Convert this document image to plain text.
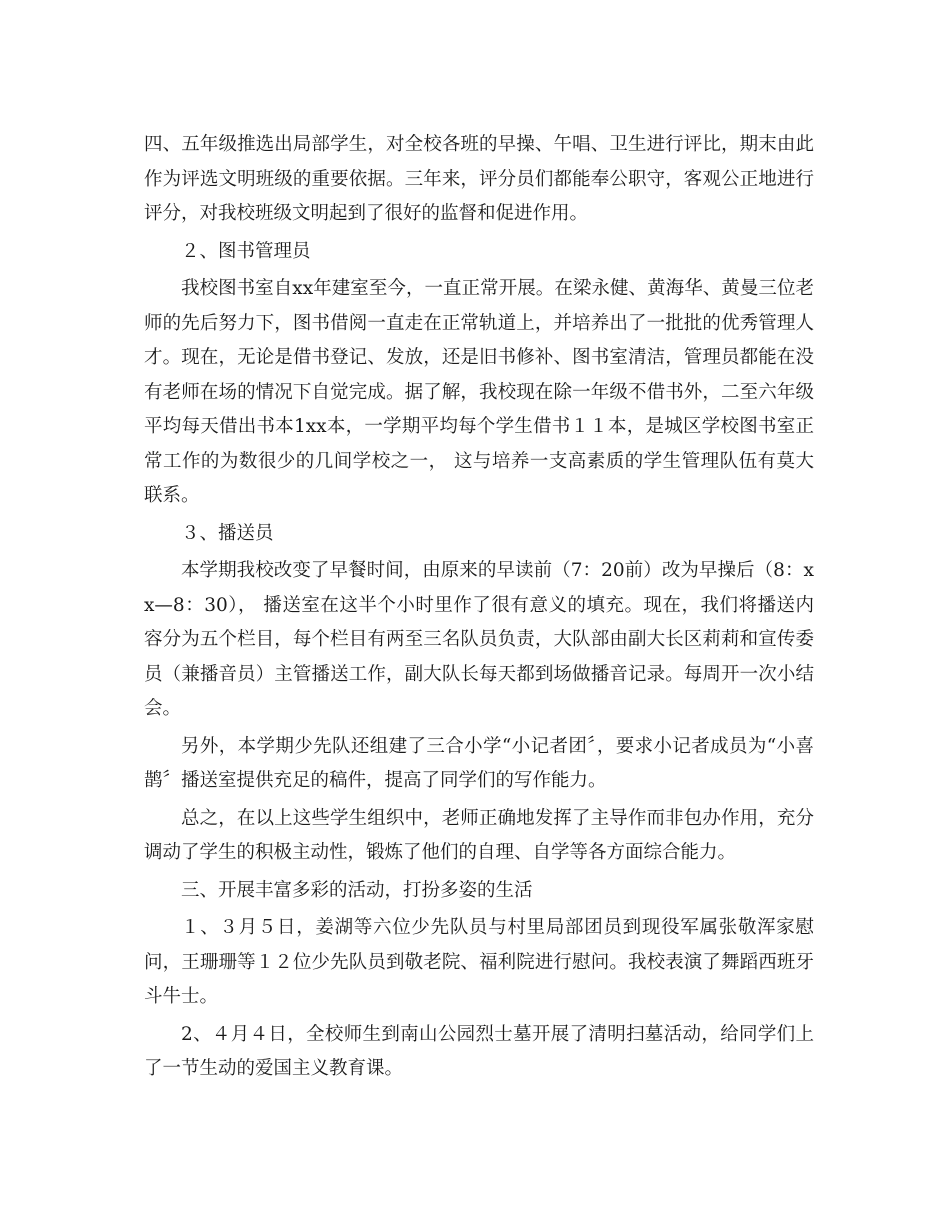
四、五年级推选出局部学生，对全校各班的早操、午唱、卫生进行评比，期末由此作为评选文明班级的重要依据。三年来，评分员们都能奉公职守，客观公正地进行评分，对我校班级文明起到了很好的监督和促进作用。

２、图书管理员

我校图书室自xx年建室至今，一直正常开展。在梁永健、黄海华、黄曼三位老师的先后努力下，图书借阅一直走在正常轨道上，并培养出了一批批的优秀管理人才。现在，无论是借书登记、发放，还是旧书修补、图书室清洁，管理员都能在没有老师在场的情况下自觉完成。据了解，我校现在除一年级不借书外，二至六年级平均每天借出书本1xx本，一学期平均每个学生借书１１本，是城区学校图书室正常工作的为数很少的几间学校之一， 这与培养一支高素质的学生管理队伍有莫大联系。

３、播送员

本学期我校改变了早餐时间，由原来的早读前（7：20前）改为早操后（8：xx—8：30）， 播送室在这半个小时里作了很有意义的填充。现在，我们将播送内容分为五个栏目，每个栏目有两至三名队员负责，大队部由副大长区莉莉和宣传委员（兼播音员）主管播送工作，副大队长每天都到场做播音记录。每周开一次小结会。

另外，本学期少先队还组建了三合小学“小记者团〞，要求小记者成员为“小喜鹊〞播送室提供充足的稿件，提高了同学们的写作能力。

总之，在以上这些学生组织中，老师正确地发挥了主导作而非包办作用，充分调动了学生的积极主动性，锻炼了他们的自理、自学等各方面综合能力。

三、开展丰富多彩的活动，打扮多姿的生活

１、３月５日，姜湖等六位少先队员与村里局部团员到现役军属张敬浑家慰问，王珊珊等１２位少先队员到敬老院、福利院进行慰问。我校表演了舞蹈西班牙斗牛士。

2、４月４日，全校师生到南山公园烈士墓开展了清明扫墓活动，给同学们上了一节生动的爱国主义教育课。
